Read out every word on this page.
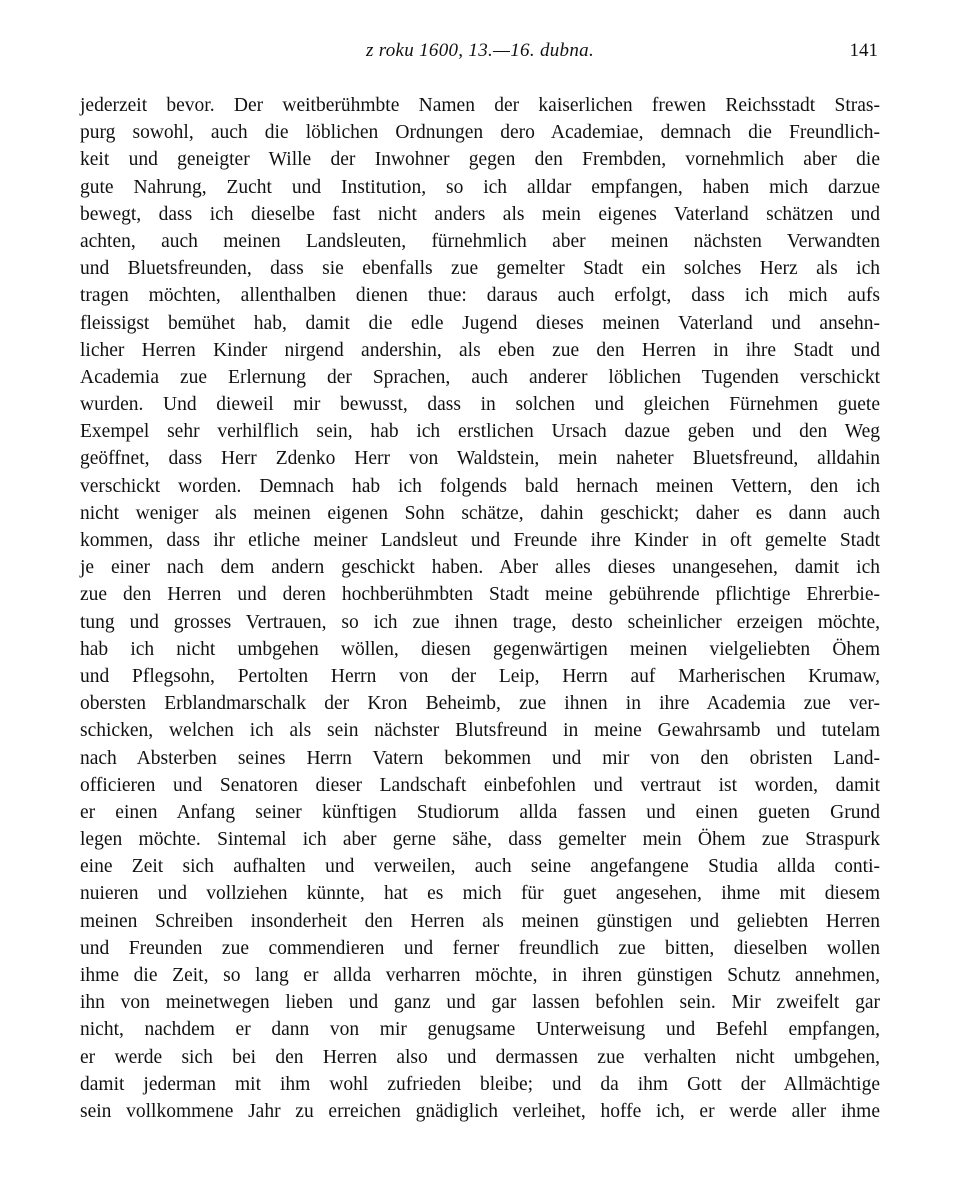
z roku 1600, 13.—16. dubna.	141
jederzeit bevor. Der weitberühmbte Namen der kaiserlichen frewen Reichsstadt Stras-
purg sowohl, auch die löblichen Ordnungen dero Academiae, demnach die Freundlich-
keit und geneigter Wille der Inwohner gegen den Frembden, vornehmlich aber die
gute Nahrung, Zucht und Institution, so ich alldar empfangen, haben mich darzue
bewegt, dass ich dieselbe fast nicht anders als mein eigenes Vaterland schätzen und
achten, auch meinen Landsleuten, fürnehmlich aber meinen nächsten Verwandten
und Bluetsfreunden, dass sie ebenfalls zue gemelter Stadt ein solches Herz als ich
tragen möchten, allenthalben dienen thue: daraus auch erfolgt, dass ich mich aufs
fleissigst bemühet hab, damit die edle Jugend dieses meinen Vaterland und ansehn-
licher Herren Kinder nirgend andershin, als eben zue den Herren in ihre Stadt und
Academia zue Erlernung der Sprachen, auch anderer löblichen Tugenden verschickt
wurden. Und dieweil mir bewusst, dass in solchen und gleichen Fürnehmen guete
Exempel sehr verhilflich sein, hab ich erstlichen Ursach dazue geben und den Weg
geöffnet, dass Herr Zdenko Herr von Waldstein, mein naheter Bluetsfreund, alldahin
verschickt worden. Demnach hab ich folgends bald hernach meinen Vettern, den ich
nicht weniger als meinen eigenen Sohn schätze, dahin geschickt; daher es dann auch
kommen, dass ihr etliche meiner Landsleut und Freunde ihre Kinder in oft gemelte Stadt
je einer nach dem andern geschickt haben. Aber alles dieses unangesehen, damit ich
zue den Herren und deren hochberühmbten Stadt meine gebührende pflichtige Ehrerbie-
tung und grosses Vertrauen, so ich zue ihnen trage, desto scheinlicher erzeigen möchte,
hab ich nicht umbgehen wöllen, diesen gegenwärtigen meinen vielgeliebten Öhem
und Pflegsohn, Pertolten Herrn von der Leip, Herrn auf Marherischen Krumaw,
obersten Erblandmarschalk der Kron Beheimb, zue ihnen in ihre Academia zue ver-
schicken, welchen ich als sein nächster Blutsfreund in meine Gewahrsamb und tutelam
nach Absterben seines Herrn Vatern bekommen und mir von den obristen Land-
officieren und Senatoren dieser Landschaft einbefohlen und vertraut ist worden, damit
er einen Anfang seiner künftigen Studiorum allda fassen und einen gueten Grund
legen möchte. Sintemal ich aber gerne sähe, dass gemelter mein Öhem zue Straspurk
eine Zeit sich aufhalten und verweilen, auch seine angefangene Studia allda conti-
nuieren und vollziehen künnte, hat es mich für guet angesehen, ihme mit diesem
meinen Schreiben insonderheit den Herren als meinen günstigen und geliebten Herren
und Freunden zue commendieren und ferner freundlich zue bitten, dieselben wollen
ihme die Zeit, so lang er allda verharren möchte, in ihren günstigen Schutz annehmen,
ihn von meinetwegen lieben und ganz und gar lassen befohlen sein. Mir zweifelt gar
nicht, nachdem er dann von mir genugsame Unterweisung und Befehl empfangen,
er werde sich bei den Herren also und dermassen zue verhalten nicht umbgehen,
damit jederman mit ihm wohl zufrieden bleibe; und da ihm Gott der Allmächtige
sein vollkommene Jahr zu erreichen gnädiglich verleihet, hoffe ich, er werde aller ihme
